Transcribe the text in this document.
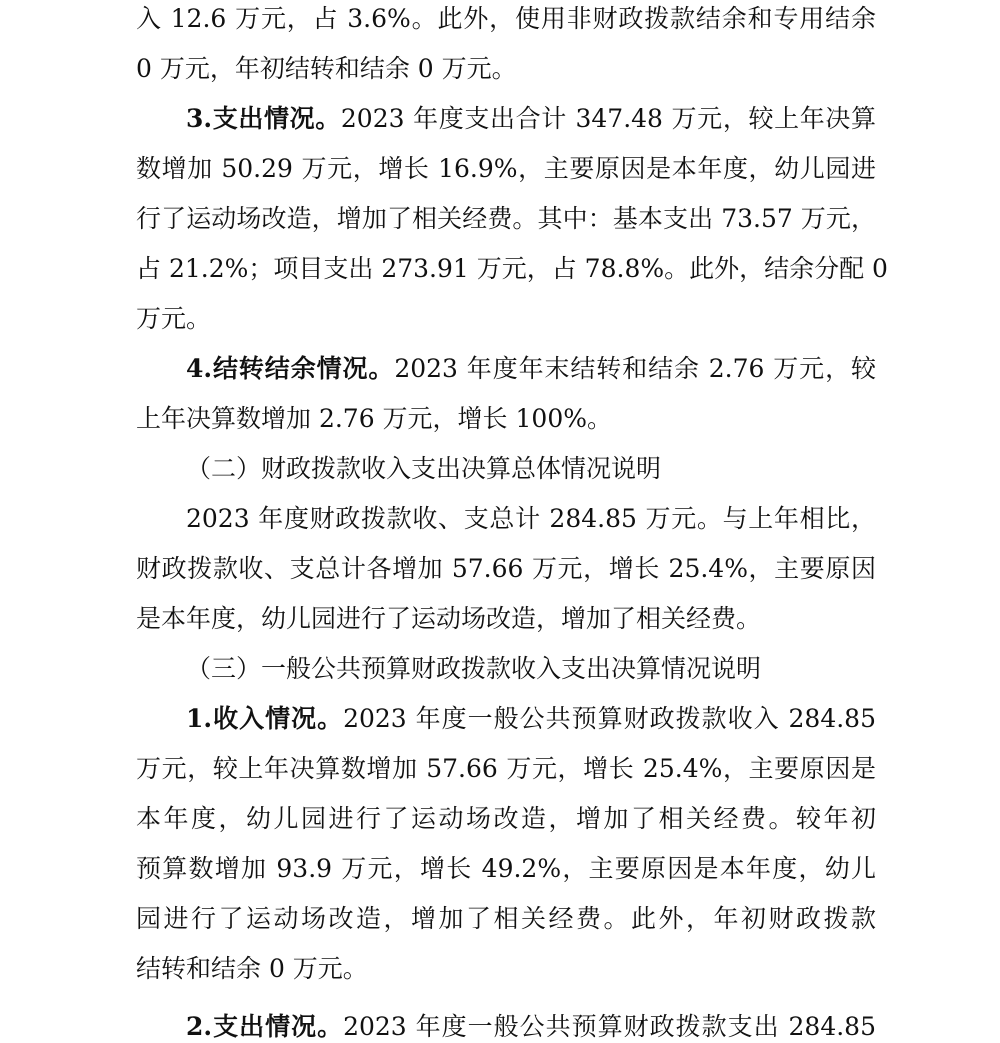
入 12.6 万元，占 3.6%。此外，使用非财政拨款结余和专用结余
0 万元，年初结转和结余 0 万元。
3.支出情况。2023 年度支出合计 347.48 万元，较上年决算
数增加 50.29 万元，增长 16.9%，主要原因是本年度，幼儿园进
行了运动场改造，增加了相关经费。其中：基本支出 73.57 万元，
占 21.2%；项目支出 273.91 万元，占 78.8%。此外，结余分配 0
万元。
4.结转结余情况。2023 年度年末结转和结余 2.76 万元，较
上年决算数增加 2.76 万元，增长 100%。
（二）财政拨款收入支出决算总体情况说明
2023 年度财政拨款收、支总计 284.85 万元。与上年相比，
财政拨款收、支总计各增加 57.66 万元，增长 25.4%，主要原因
是本年度，幼儿园进行了运动场改造，增加了相关经费。
（三）一般公共预算财政拨款收入支出决算情况说明
1.收入情况。2023 年度一般公共预算财政拨款收入 284.85
万元，较上年决算数增加 57.66 万元，增长 25.4%，主要原因是
本年度，幼儿园进行了运动场改造，增加了相关经费。较年初
预算数增加 93.9 万元，增长 49.2%，主要原因是本年度，幼儿
园进行了运动场改造，增加了相关经费。此外，年初财政拨款
结转和结余 0 万元。
2.支出情况。2023 年度一般公共预算财政拨款支出 284.85
